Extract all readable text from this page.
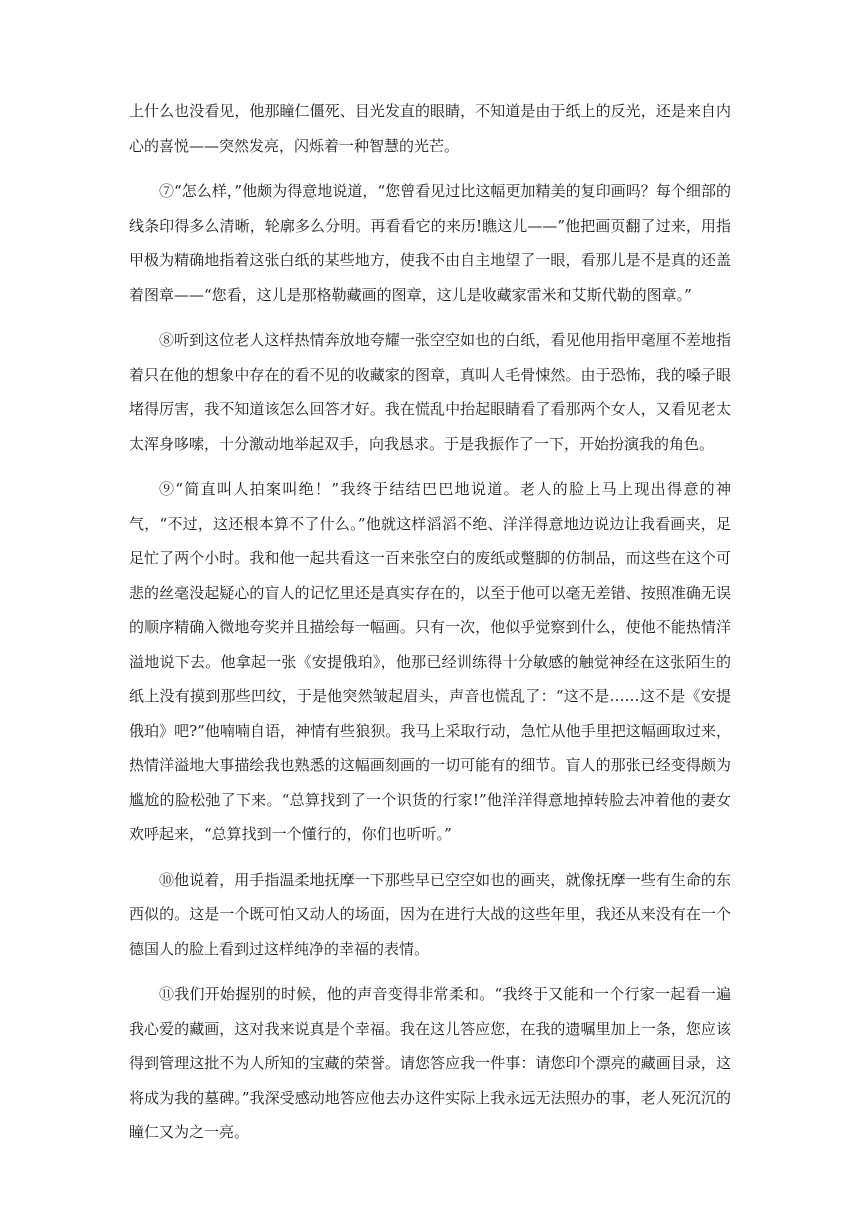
上什么也没看见，他那瞳仁僵死、目光发直的眼睛，不知道是由于纸上的反光，还是来自内心的喜悦——突然发亮，闪烁着一种智慧的光芒。

⑦“怎么样，”他颇为得意地说道，“您曾看见过比这幅更加精美的复印画吗？每个细部的线条印得多么清晰，轮廓多么分明。再看看它的来历!瞧这儿——”他把画页翻了过来，用指甲极为精确地指着这张白纸的某些地方，使我不由自主地望了一眼，看那儿是不是真的还盖着图章——“您看，这儿是那格勒藏画的图章，这儿是收藏家雷米和艾斯代勒的图章。”

⑧听到这位老人这样热情奔放地夸耀一张空空如也的白纸，看见他用指甲毫厘不差地指着只在他的想象中存在的看不见的收藏家的图章，真叫人毛骨悚然。由于恐怖，我的嗓子眼堵得厉害，我不知道该怎么回答才好。我在慌乱中抬起眼睛看了看那两个女人，又看见老太太浑身哆嗦，十分激动地举起双手，向我恳求。于是我振作了一下，开始扮演我的角色。

⑨“简直叫人拍案叫绝！”我终于结结巴巴地说道。老人的脸上马上现出得意的神气，“不过，这还根本算不了什么。”他就这样滔滔不绝、洋洋得意地边说边让我看画夹，足足忙了两个小时。我和他一起共看这一百来张空白的废纸或蹩脚的仿制品，而这些在这个可悲的丝毫没起疑心的盲人的记忆里还是真实存在的，以至于他可以毫无差错、按照准确无误的顺序精确入微地夸奖并且描绘每一幅画。只有一次，他似乎觉察到什么，使他不能热情洋溢地说下去。他拿起一张《安提俄珀》，他那已经训练得十分敏感的触觉神经在这张陌生的纸上没有摸到那些凹纹，于是他突然皱起眉头，声音也慌乱了：“这不是……这不是《安提俄珀》吧?”他喃喃自语，神情有些狼狈。我马上采取行动，急忙从他手里把这幅画取过来，热情洋溢地大事描绘我也熟悉的这幅画刻画的一切可能有的细节。盲人的那张已经变得颇为尴尬的脸松弛了下来。“总算找到了一个识货的行家!”他洋洋得意地掉转脸去冲着他的妻女欢呼起来，“总算找到一个懂行的，你们也听听。”

⑩他说着，用手指温柔地抚摩一下那些早已空空如也的画夹，就像抚摩一些有生命的东西似的。这是一个既可怕又动人的场面，因为在进行大战的这些年里，我还从来没有在一个德国人的脸上看到过这样纯净的幸福的表情。

⑪我们开始握别的时候，他的声音变得非常柔和。“我终于又能和一个行家一起看一遍我心爱的藏画，这对我来说真是个幸福。我在这儿答应您，在我的遗嘱里加上一条，您应该得到管理这批不为人所知的宝藏的荣誉。请您答应我一件事：请您印个漂亮的藏画目录，这将成为我的墓碑。”我深受感动地答应他去办这件实际上我永远无法照办的事，老人死沉沉的瞳仁又为之一亮。
